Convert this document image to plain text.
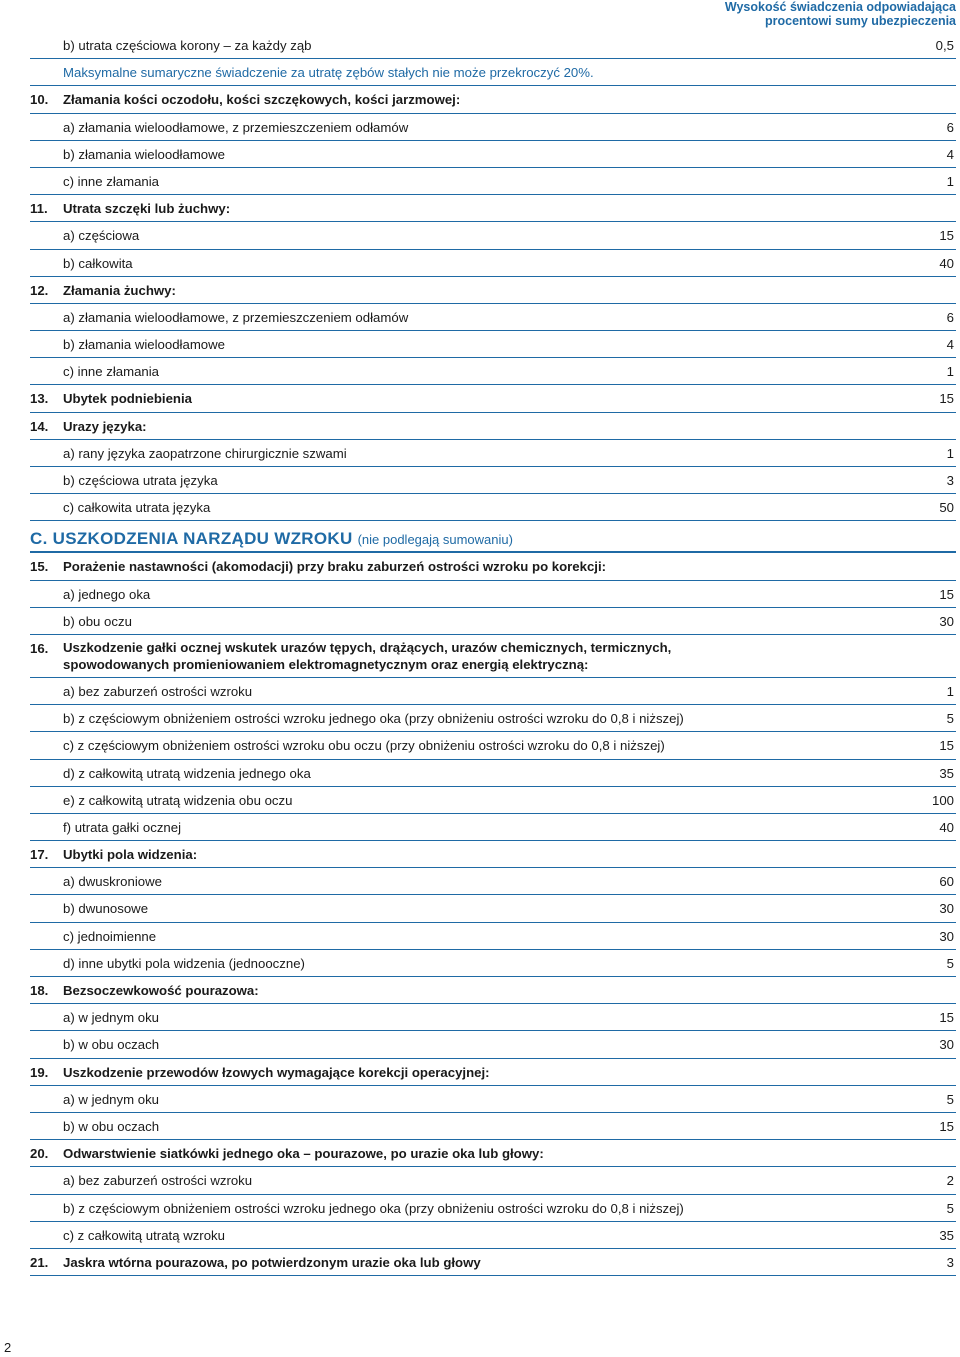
Wysokość świadczenia odpowiadająca
procentowi sumy ubezpieczenia
b) utrata częściowa korony – za każdy ząb	0,5
Maksymalne sumaryczne świadczenie za utratę zębów stałych nie może przekroczyć 20%.
10. Złamania kości oczodołu, kości szczękowych, kości jarzmowej:
a) złamania wieloodłamowe, z przemieszczeniem odłamów	6
b) złamania wieloodłamowe	4
c) inne złamania	1
11. Utrata szczęki lub żuchwy:
a) częściowa	15
b) całkowita	40
12. Złamania żuchwy:
a) złamania wieloodłamowe, z przemieszczeniem odłamów	6
b) złamania wieloodłamowe	4
c) inne złamania	1
13. Ubytek podniebienia	15
14. Urazy języka:
a) rany języka zaopatrzone chirurgicznie szwami	1
b) częściowa utrata języka	3
c) całkowita utrata języka	50
C. USZKODZENIA NARZĄDU WZROKU (nie podlegają sumowaniu)
15. Porażenie nastawności (akomodacji) przy braku zaburzeń ostrości wzroku po korekcji:
a) jednego oka	15
b) obu oczu	30
16. Uszkodzenie gałki ocznej wskutek urazów tępych, drążących, urazów chemicznych, termicznych, spowodowanych promieniowaniem elektromagnetycznym oraz energią elektryczną:
a) bez zaburzeń ostrości wzroku	1
b) z częściowym obniżeniem ostrości wzroku jednego oka (przy obniżeniu ostrości wzroku do 0,8 i niższej)	5
c) z częściowym obniżeniem ostrości wzroku obu oczu (przy obniżeniu ostrości wzroku do 0,8 i niższej)	15
d) z całkowitą utratą widzenia jednego oka	35
e) z całkowitą utratą widzenia obu oczu	100
f) utrata gałki ocznej	40
17. Ubytki pola widzenia:
a) dwuskroniowe	60
b) dwunosowe	30
c) jednoimienne	30
d) inne ubytki pola widzenia (jednooczne)	5
18. Bezsoczewkowość pourazowa:
a) w jednym oku	15
b) w obu oczach	30
19. Uszkodzenie przewodów łzowych wymagające korekcji operacyjnej:
a) w jednym oku	5
b) w obu oczach	15
20. Odwarstwienie siatkówki jednego oka – pourazowe, po urazie oka lub głowy:
a) bez zaburzeń ostrości wzroku	2
b) z częściowym obniżeniem ostrości wzroku jednego oka (przy obniżeniu ostrości wzroku do 0,8 i niższej)	5
c) z całkowitą utratą wzroku	35
21. Jaskra wtórna pourazowa, po potwierdzonym urazie oka lub głowy	3
2
